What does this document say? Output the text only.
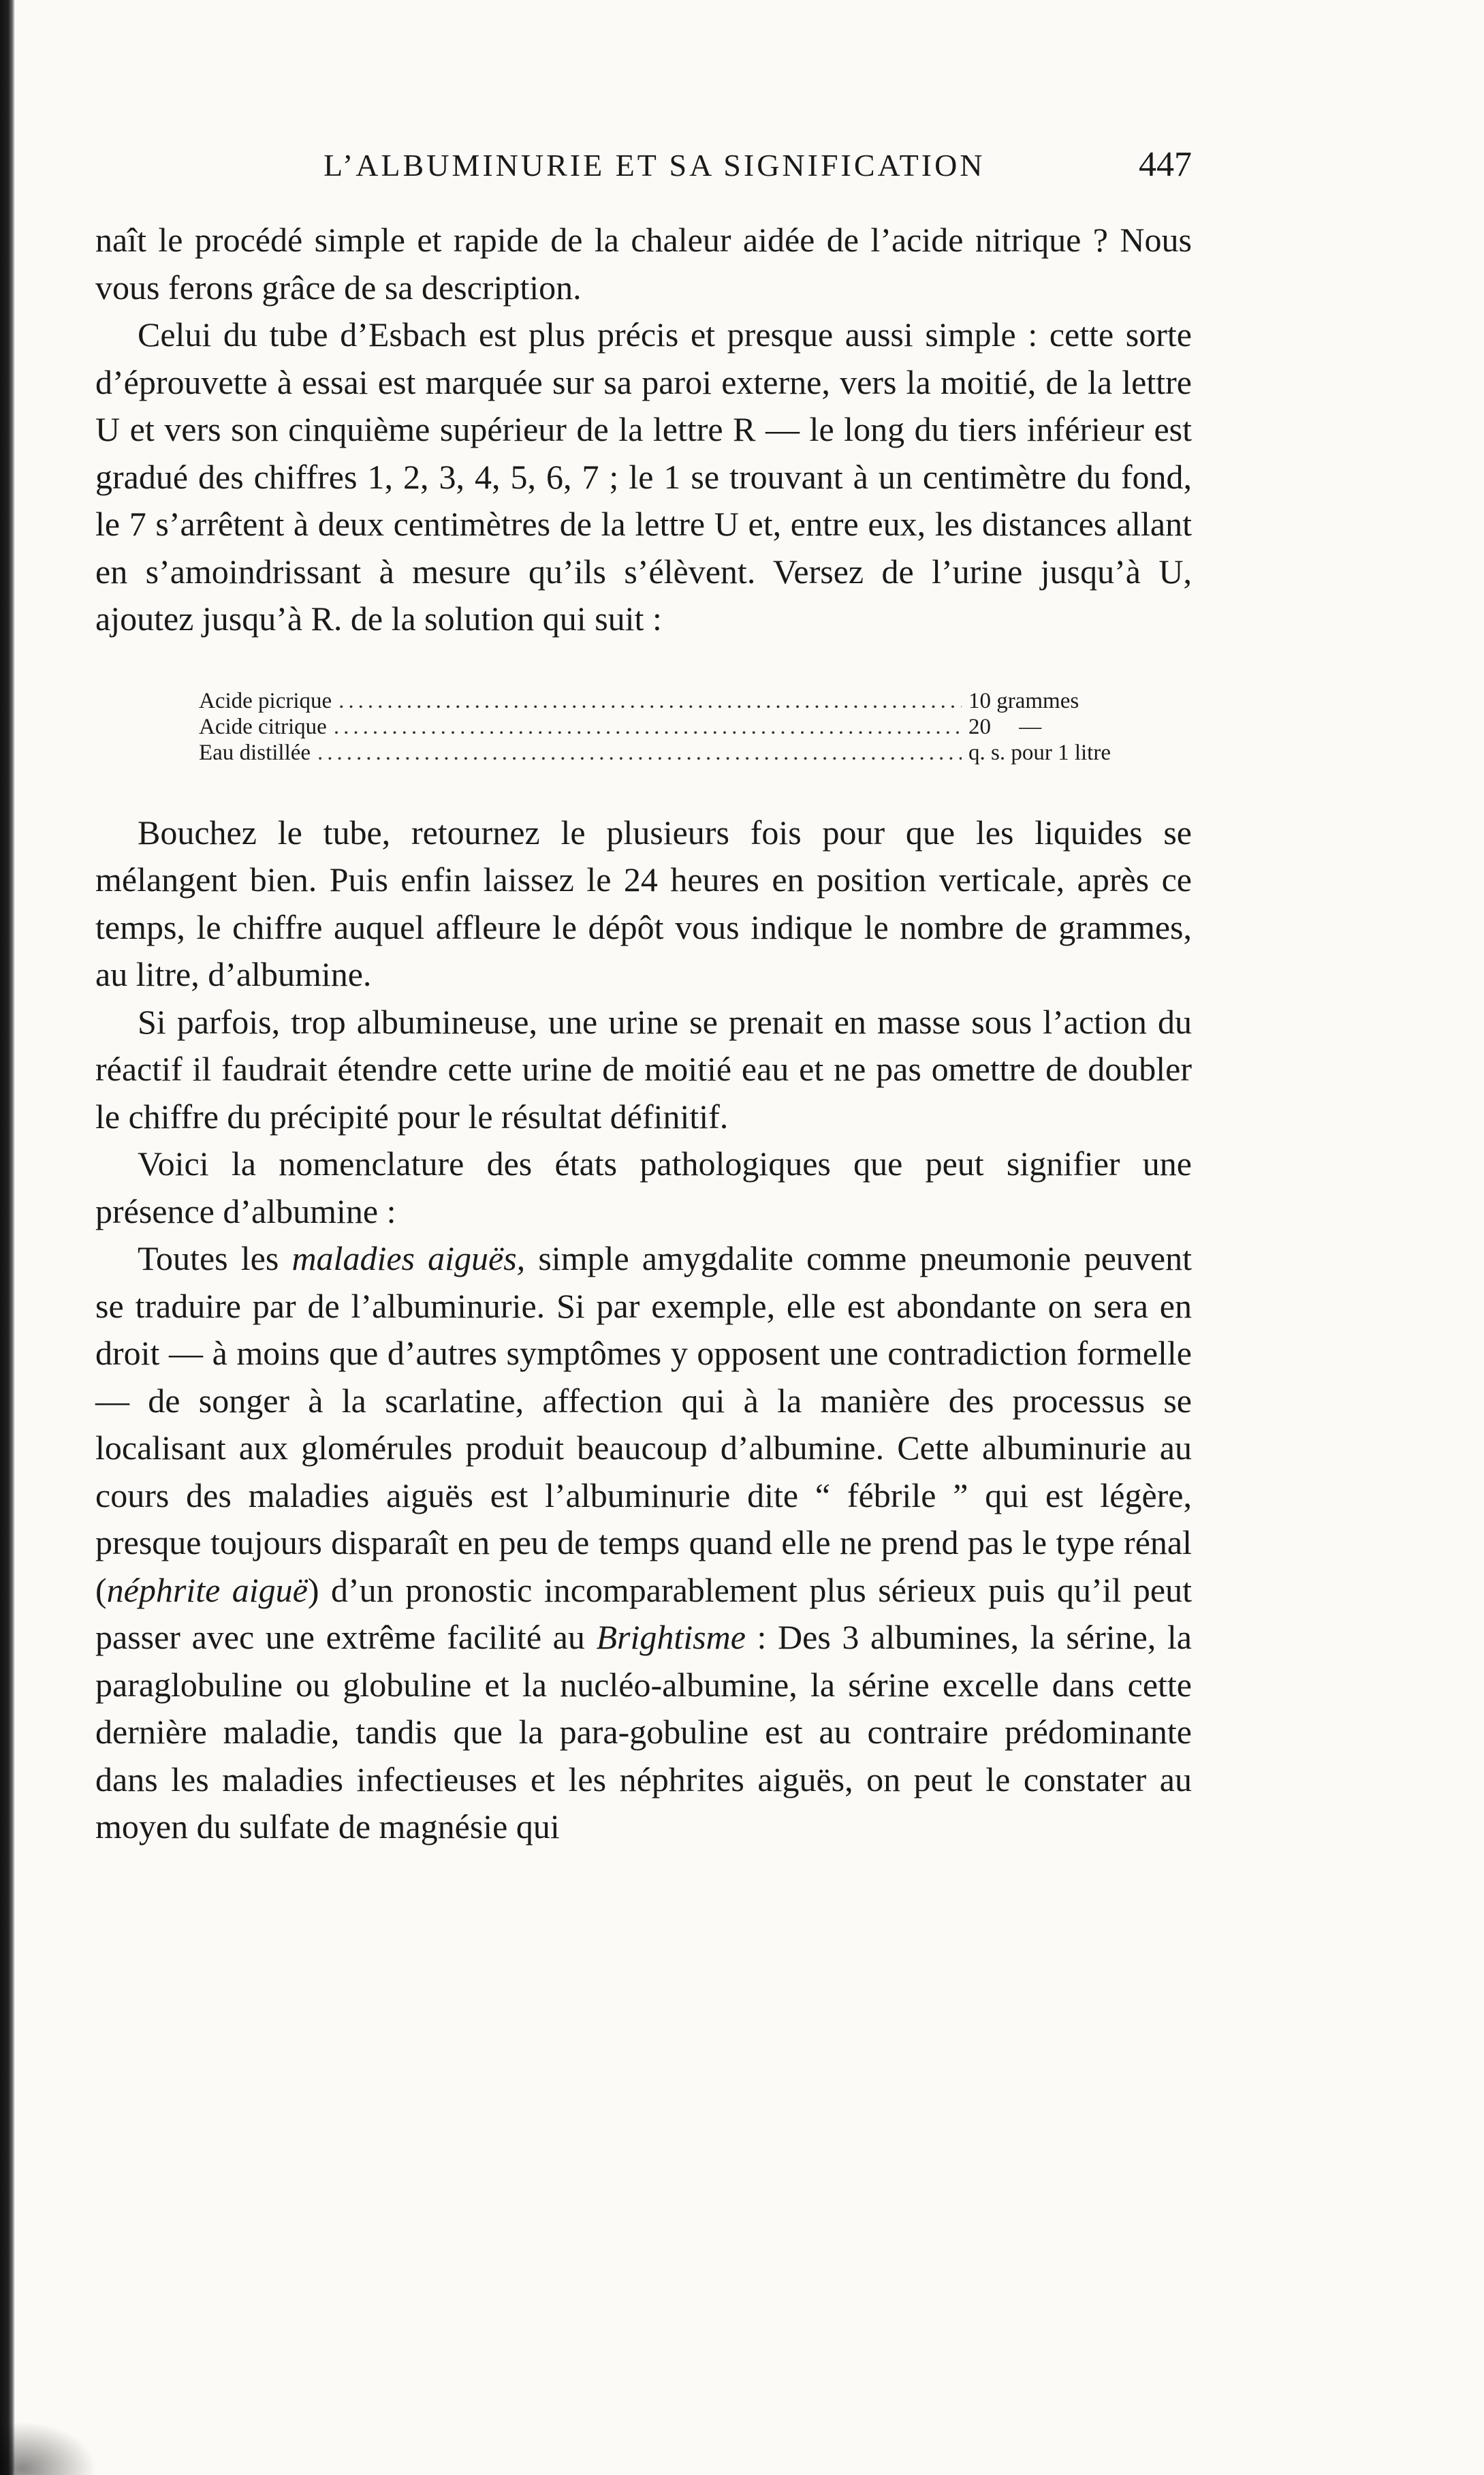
L’ALBUMINURIE ET SA SIGNIFICATION	447

naît le procédé simple et rapide de la chaleur aidée de l’acide nitrique ? Nous vous ferons grâce de sa description.

Celui du tube d’Esbach est plus précis et presque aussi simple : cette sorte d’éprouvette à essai est marquée sur sa paroi externe, vers la moitié, de la lettre U et vers son cinquième supérieur de la lettre R — le long du tiers inférieur est gradué des chiffres 1, 2, 3, 4, 5, 6, 7 ; le 1 se trouvant à un centimètre du fond, le 7 s’arrêtent à deux centimètres de la lettre U et, entre eux, les distances allant en s’amoindrissant à mesure qu’ils s’élèvent. Versez de l’urine jusqu’à U, ajoutez jusqu’à R. de la solution qui suit :

Acide picrique .....	10 grammes
Acide citrique .....	20     —
Eau distillée .....	q. s. pour 1 litre

Bouchez le tube, retournez le plusieurs fois pour que les liquides se mélangent bien. Puis enfin laissez le 24 heures en position verticale, après ce temps, le chiffre auquel affleure le dépôt vous indique le nombre de grammes, au litre, d’albumine.

Si parfois, trop albumineuse, une urine se prenait en masse sous l’action du réactif il faudrait étendre cette urine de moitié eau et ne pas omettre de doubler le chiffre du précipité pour le résultat définitif.

Voici la nomenclature des états pathologiques que peut signifier une présence d’albumine :

Toutes les maladies aiguës, simple amygdalite comme pneumonie peuvent se traduire par de l’albuminurie. Si par exemple, elle est abondante on sera en droit — à moins que d’autres symptômes y opposent une contradiction formelle — de songer à la scarlatine, affection qui à la manière des processus se localisant aux glomérules produit beaucoup d’albumine. Cette albuminurie au cours des maladies aiguës est l’albuminurie dite “ fébrile ” qui est légère, presque toujours disparaît en peu de temps quand elle ne prend pas le type rénal (néphrite aiguë) d’un pronostic incomparablement plus sérieux puis qu’il peut passer avec une extrême facilité au Brightisme : Des 3 albumines, la sérine, la paraglobuline ou globuline et la nucléo-albumine, la sérine excelle dans cette dernière maladie, tandis que la para-gobuline est au contraire prédominante dans les maladies infectieuses et les néphrites aiguës, on peut le constater au moyen du sulfate de magnésie qui
